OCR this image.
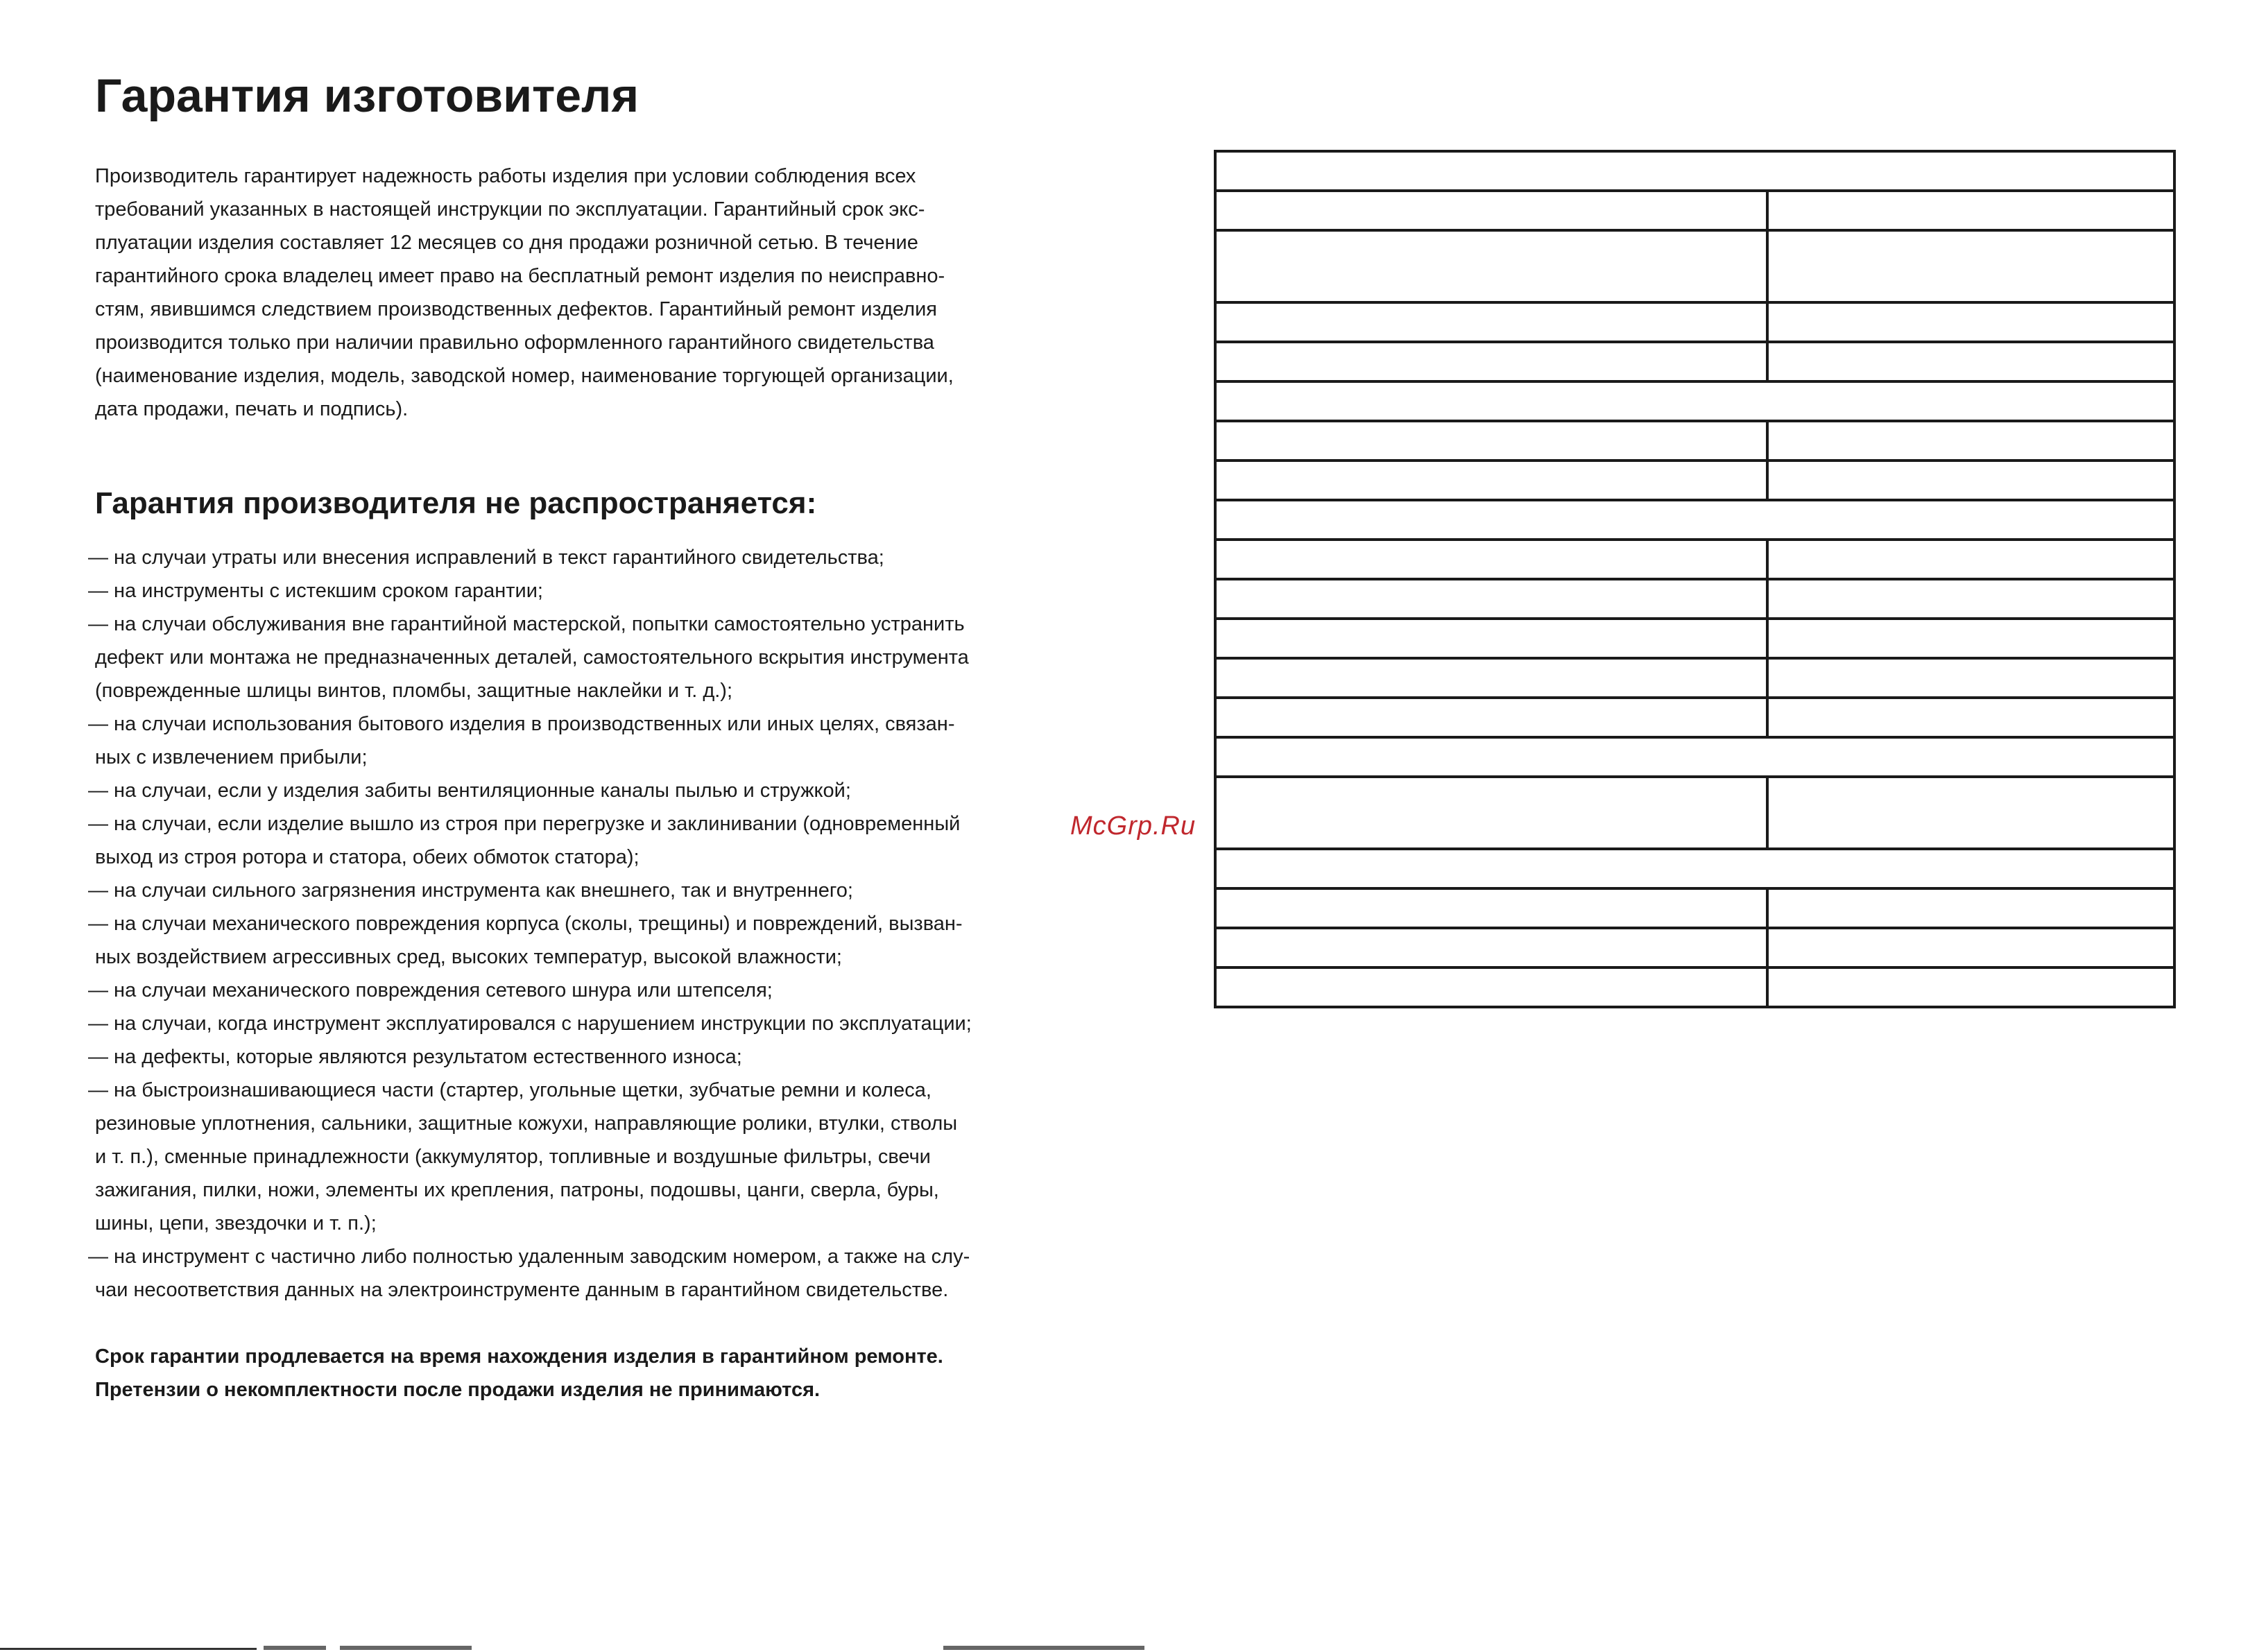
Гарантия изготовителя
Производитель гарантирует надежность работы изделия при условии соблюдения всех
требований указанных в настоящей инструкции по эксплуатации. Гарантийный срок экс-
плуатации изделия составляет 12 месяцев со дня продажи розничной сетью. В течение
гарантийного срока владелец имеет право на бесплатный ремонт изделия по неисправно-
стям, явившимся следствием производственных дефектов. Гарантийный ремонт изделия
производится только при наличии правильно оформленного гарантийного свидетельства
(наименование изделия, модель, заводской номер, наименование торгующей организации,
дата продажи, печать и подпись).
Гарантия производителя не распространяется:
— на случаи утраты или внесения исправлений в текст гарантийного свидетельства;
— на инструменты с истекшим сроком гарантии;
— на случаи обслуживания вне гарантийной мастерской, попытки самостоятельно устранить
дефект или монтажа не предназначенных деталей, самостоятельного вскрытия инструмента
(поврежденные шлицы винтов, пломбы, защитные наклейки и т. д.);
— на случаи использования бытового изделия в производственных или иных целях, связан-
ных с извлечением прибыли;
— на случаи, если у изделия забиты вентиляционные каналы пылью и стружкой;
— на случаи, если изделие вышло из строя при перегрузке и заклинивании (одновременный
выход из строя ротора и статора, обеих обмоток статора);
— на случаи сильного загрязнения инструмента как внешнего, так и внутреннего;
— на случаи механического повреждения корпуса (сколы, трещины) и повреждений, вызван-
ных воздействием агрессивных сред, высоких температур, высокой влажности;
— на случаи механического повреждения сетевого шнура или штепселя;
— на случаи, когда инструмент эксплуатировался с нарушением инструкции по эксплуатации;
— на дефекты, которые являются результатом естественного износа;
— на быстроизнашивающиеся части (стартер, угольные щетки, зубчатые ремни и колеса,
резиновые уплотнения, сальники, защитные кожухи, направляющие ролики, втулки, стволы
и т. п.), сменные принадлежности (аккумулятор, топливные и воздушные фильтры, свечи
зажигания, пилки, ножи, элементы их крепления, патроны, подошвы, цанги, сверла, буры,
шины, цепи, звездочки и т. п.);
— на инструмент с частично либо полностью удаленным заводским номером, а также на слу-
чаи несоответствия данных на электроинструменте данным в гарантийном свидетельстве.
Срок гарантии продлевается на время нахождения изделия в гарантийном ремонте.
Претензии о некомплектности после продажи изделия не принимаются.
McGrp.Ru
